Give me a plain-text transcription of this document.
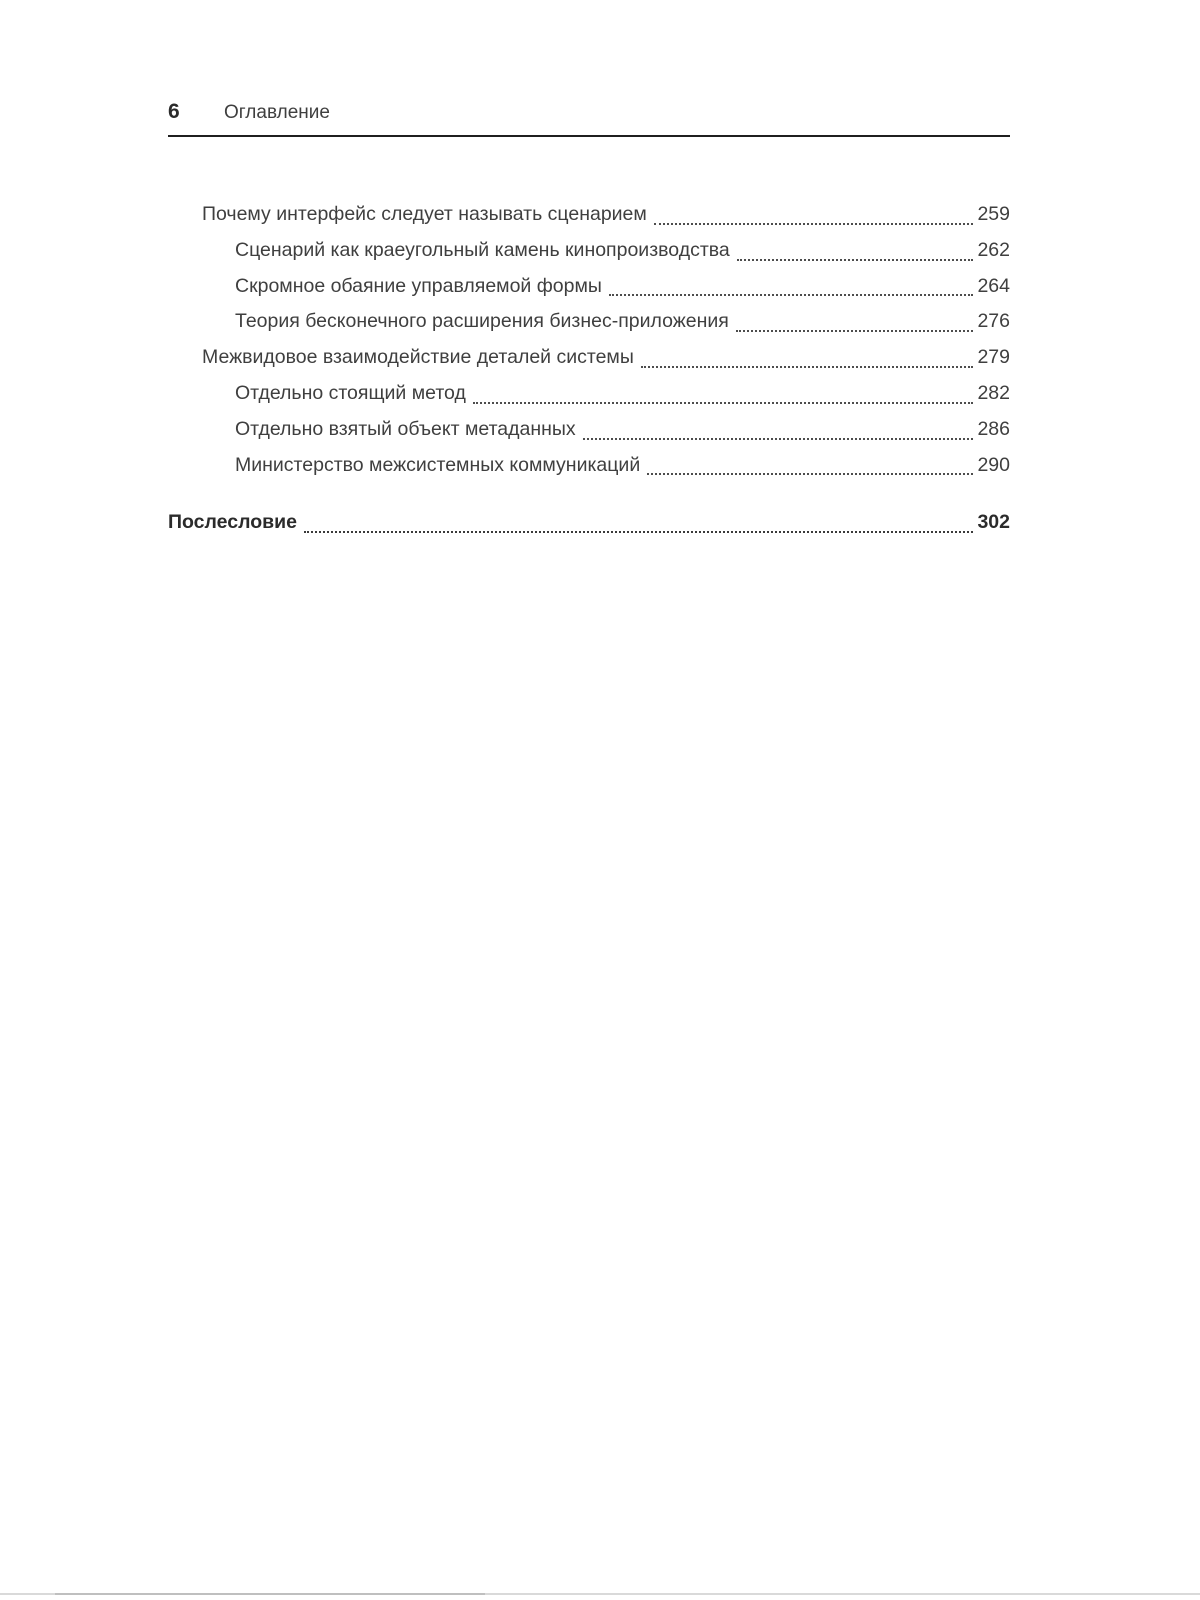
6	Оглавление
Почему интерфейс следует называть сценарием	259
Сценарий как краеугольный камень кинопроизводства	262
Скромное обаяние управляемой формы	264
Теория бесконечного расширения бизнес-приложения	276
Межвидовое взаимодействие деталей системы	279
Отдельно стоящий метод	282
Отдельно взятый объект метаданных	286
Министерство межсистемных коммуникаций	290
Послесловие	302
